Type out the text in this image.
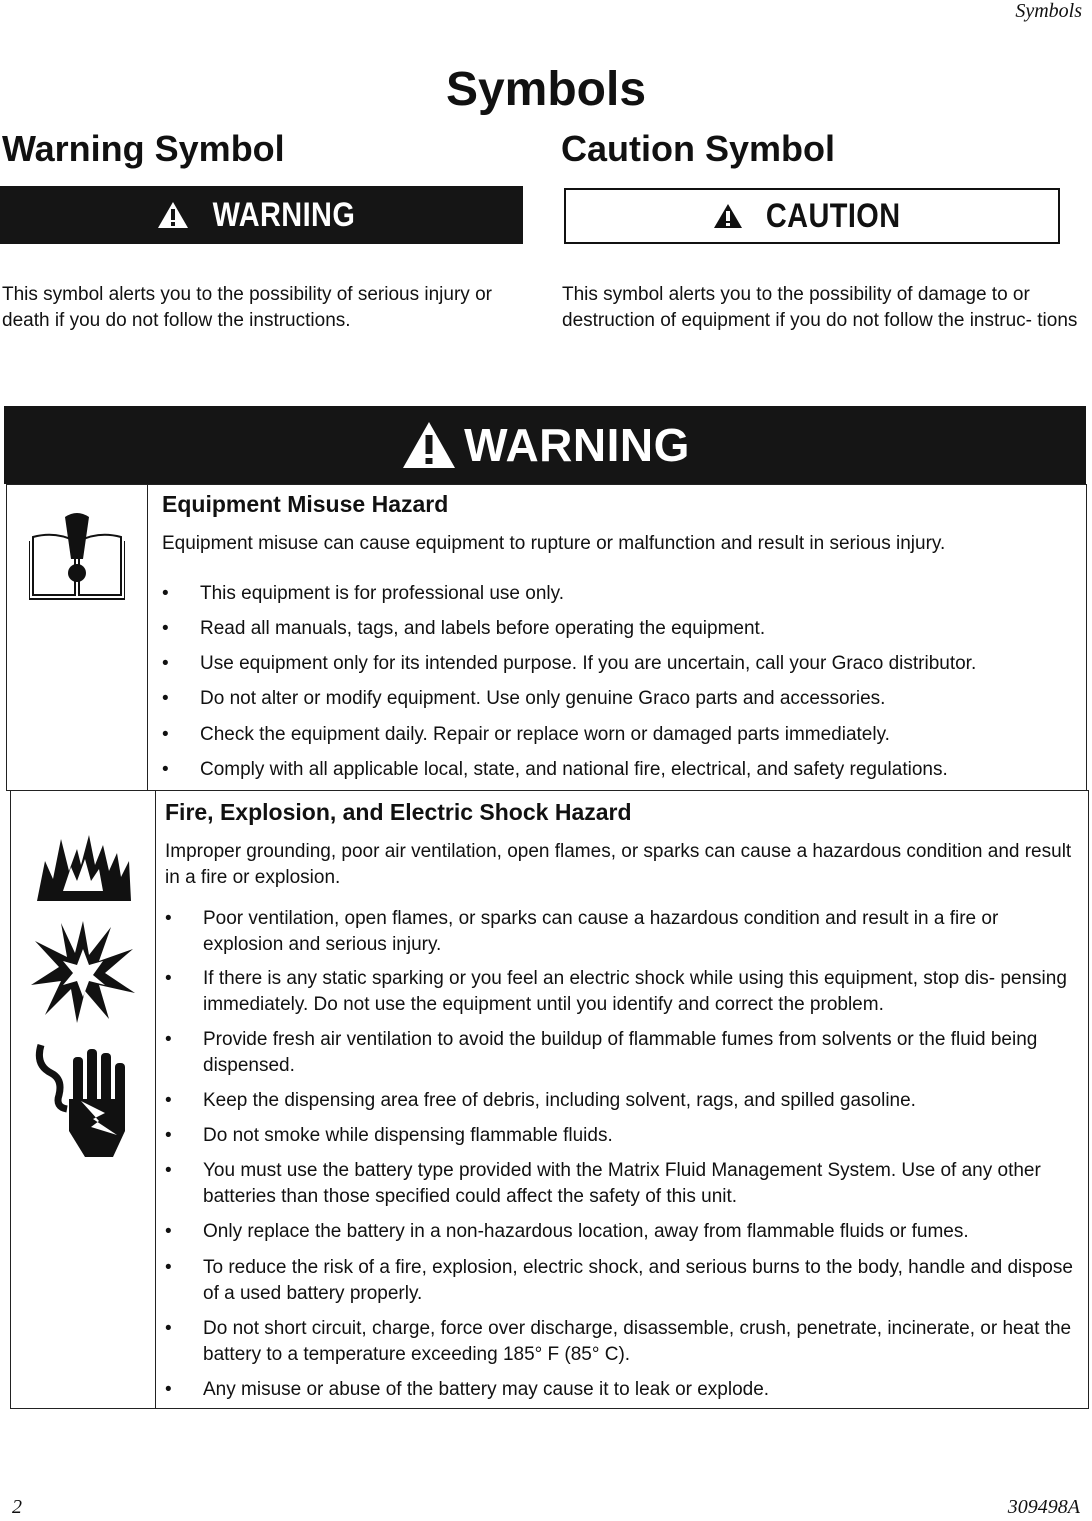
Symbols
Symbols
Warning Symbol
WARNING
This symbol alerts you to the possibility of serious injury or death if you do not follow the instructions.
Caution Symbol
CAUTION
This symbol alerts you to the possibility of damage to or destruction of equipment if you do not follow the instruc- tions
WARNING
Equipment Misuse Hazard
Equipment misuse can cause equipment to rupture or malfunction and result in serious injury.
•	This equipment is for professional use only.
•	Read all manuals, tags, and labels before operating the equipment.
•	Use equipment only for its intended purpose. If you are uncertain, call your Graco distributor.
•	Do not alter or modify equipment. Use only genuine Graco parts and accessories.
•	Check the equipment daily. Repair or replace worn or damaged parts immediately.
•	Comply with all applicable local, state, and national fire, electrical, and safety regulations.
Fire, Explosion, and Electric Shock Hazard
Improper grounding, poor air ventilation, open flames, or sparks can cause a hazardous condition and result in a fire or explosion.
•	Poor ventilation, open flames, or sparks can cause a hazardous condition and result in a fire or explosion and serious injury.
•	If there is any static sparking or you feel an electric shock while using this equipment, stop dis- pensing immediately. Do not use the equipment until you identify and correct the problem.
•	Provide fresh air ventilation to avoid the buildup of flammable fumes from solvents or the fluid being dispensed.
•	Keep the dispensing area free of debris, including solvent, rags, and spilled gasoline.
•	Do not smoke while dispensing flammable fluids.
•	You must use the battery type provided with the Matrix Fluid Management System. Use of any other batteries than those specified could affect the safety of this unit.
•	Only replace the battery in a non-hazardous location, away from flammable fluids or fumes.
•	To reduce the risk of a fire, explosion, electric shock, and serious burns to the body, handle and dispose of a used battery properly.
•	Do not short circuit, charge, force over discharge, disassemble, crush, penetrate, incinerate, or heat the battery to a temperature exceeding 185° F (85° C).
•	Any misuse or abuse of the battery may cause it to leak or explode.
2	309498A
